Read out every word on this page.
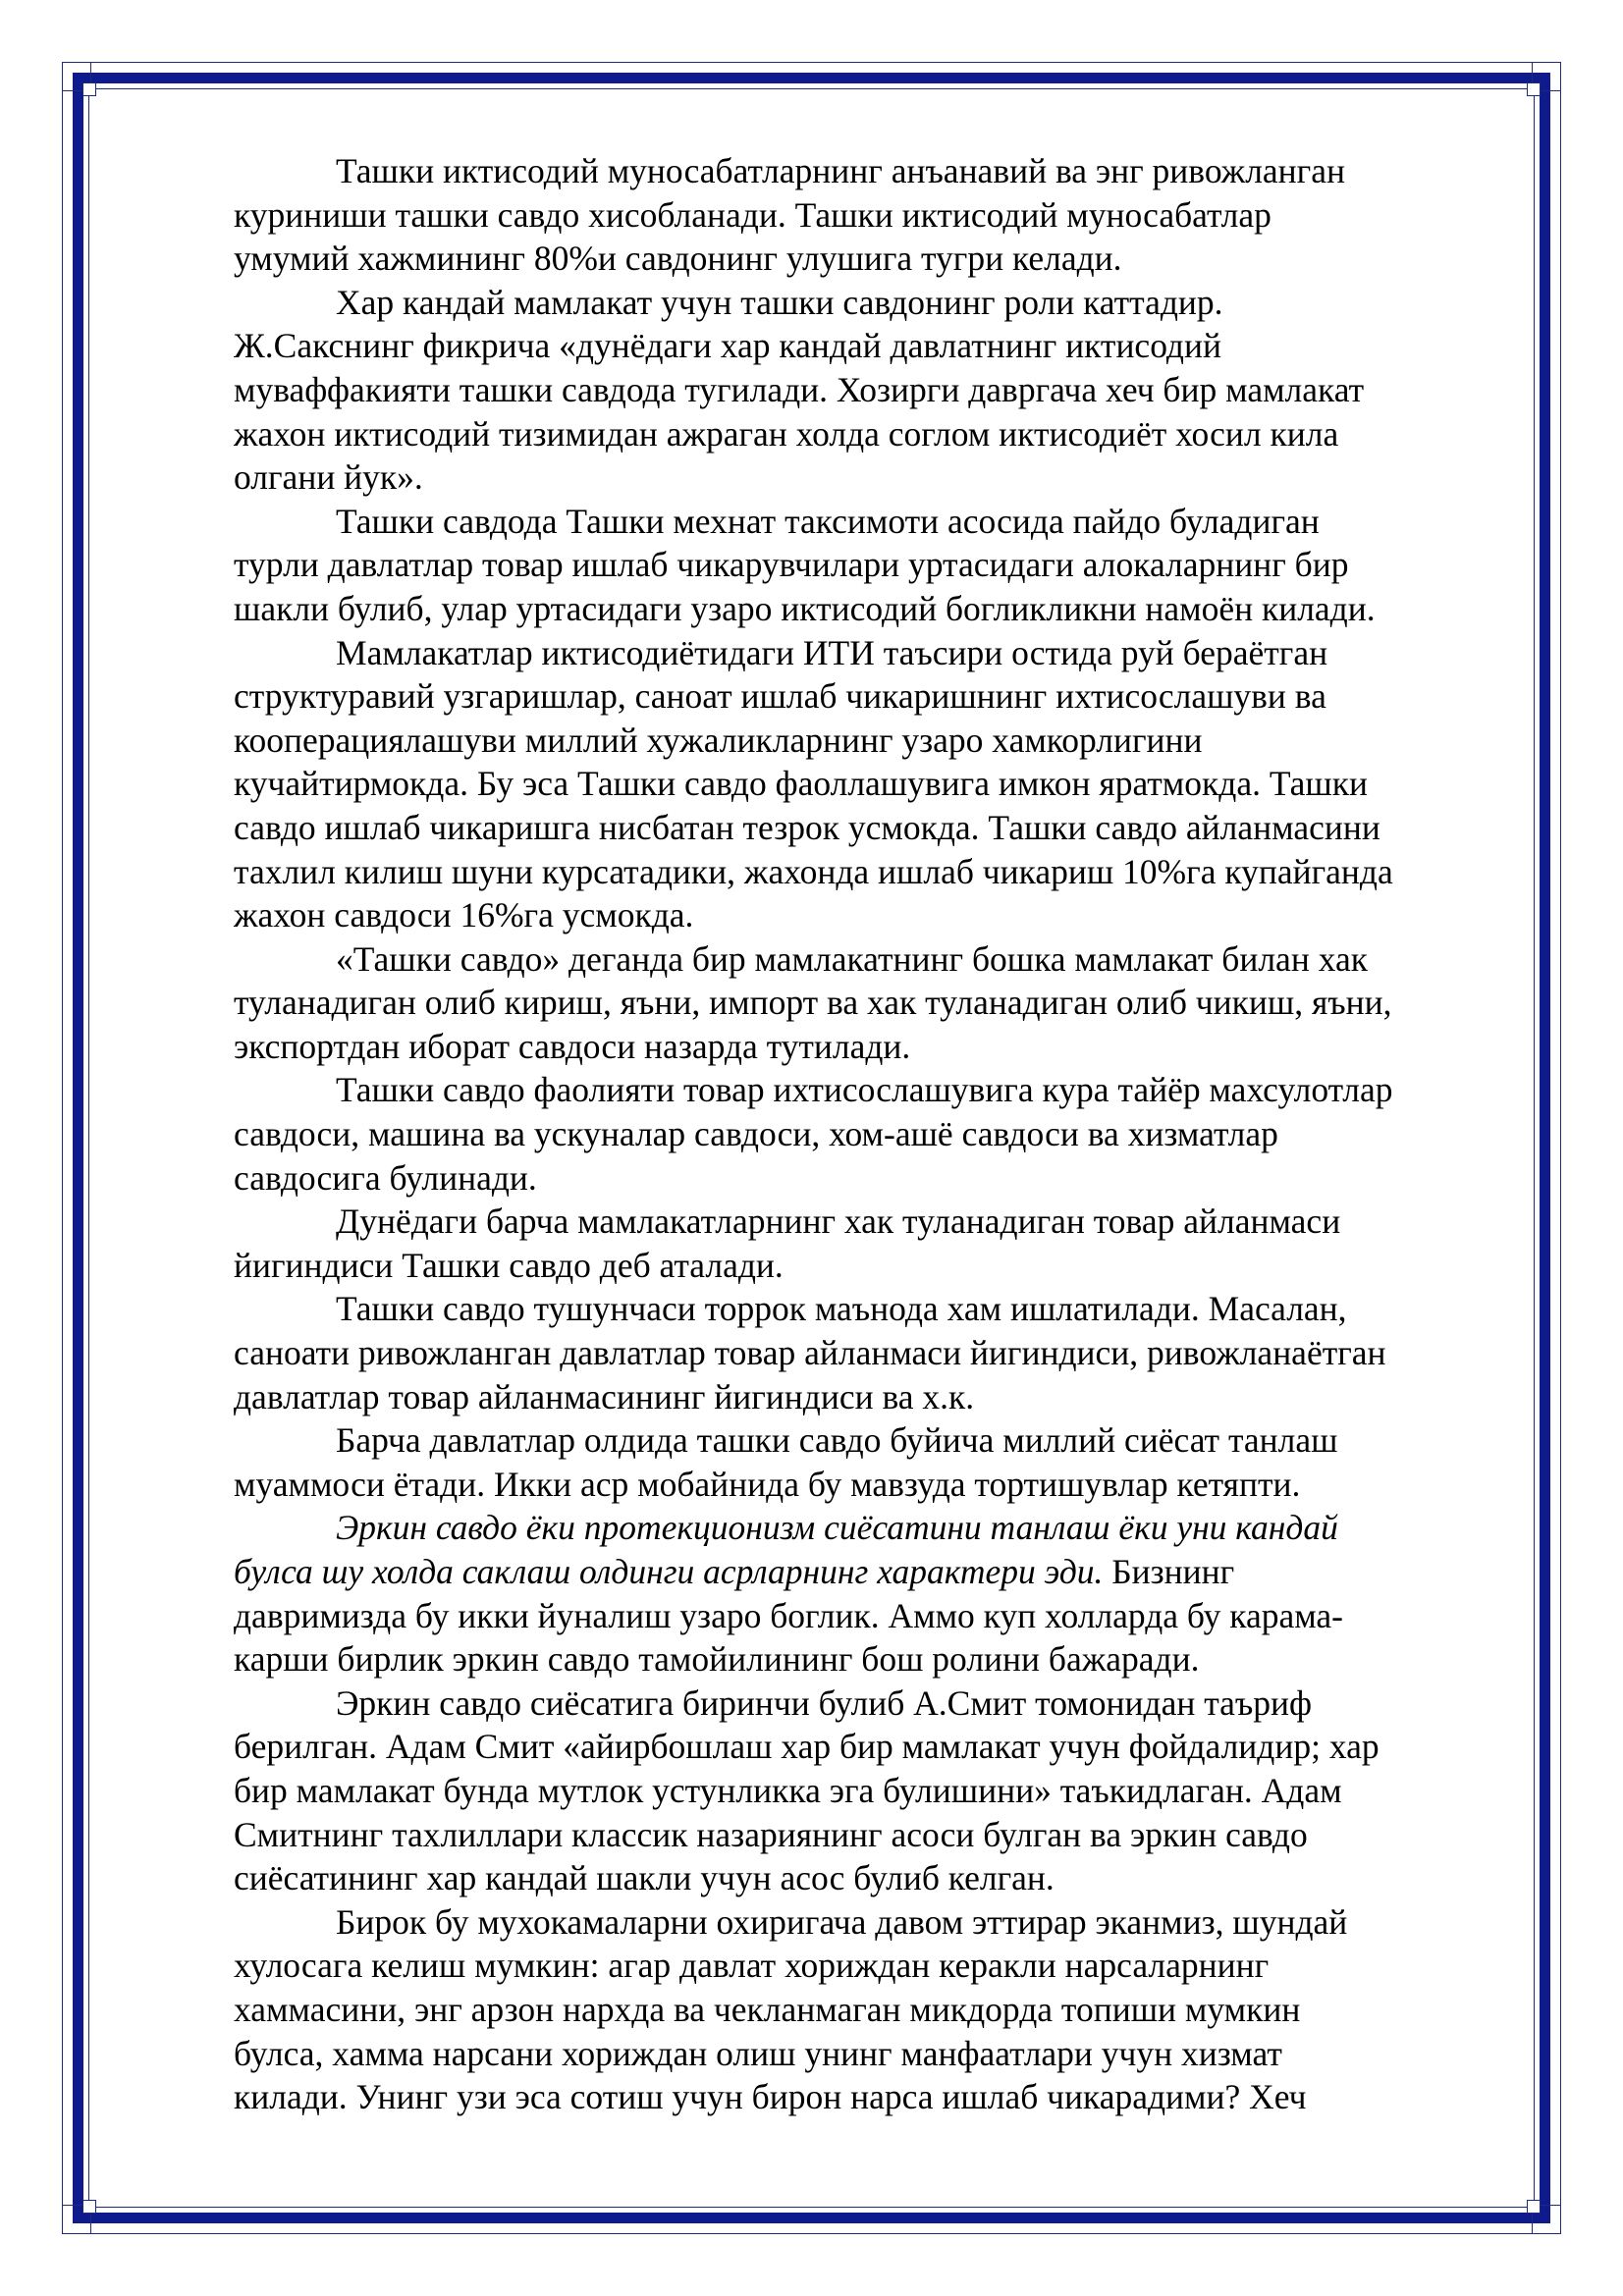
Ташки иктисодий муносабатларнинг анъанавий ва энг ривожланган
куриниши ташки савдо хисобланади. Ташки иктисодий муносабатлар
умумий хажмининг 80%и савдонинг улушига тугри келади.

Хар кандай мамлакат учун ташки савдонинг роли каттадир.
Ж.Сакснинг фикрича «дунёдаги хар кандай давлатнинг иктисодий
муваффакияти ташки савдода тугилади. Хозирги давргача хеч бир мамлакат
жахон иктисодий тизимидан ажраган холда соглом иктисодиёт хосил кила
олгани йук».

Ташки савдода Ташки мехнат таксимоти асосида пайдо буладиган
турли давлатлар товар ишлаб чикарувчилари уртасидаги алокаларнинг бир
шакли булиб, улар уртасидаги узаро иктисодий богликликни намоён килади.

Мамлакатлар иктисодиётидаги ИТИ таъсири остида руй бераётган
структуравий узгаришлар, саноат ишлаб чикаришнинг ихтисослашуви ва
кооперациялашуви миллий хужаликларнинг узаро хамкорлигини
кучайтирмокда. Бу эса Ташки савдо фаоллашувига имкон яратмокда. Ташки
савдо ишлаб чикаришга нисбатан тезрок усмокда. Ташки савдо айланмасини
тахлил килиш шуни курсатадики, жахонда ишлаб чикариш 10%га купайганда
жахон савдоси 16%га усмокда.

«Ташки савдо» деганда бир мамлакатнинг бошка мамлакат билан хак
туланадиган олиб кириш, яъни, импорт ва хак туланадиган олиб чикиш, яъни,
экспортдан иборат савдоси назарда тутилади.

Ташки савдо фаолияти товар ихтисослашувига кура тайёр махсулотлар
савдоси, машина ва ускуналар савдоси, хом-ашё савдоси ва хизматлар
савдосига булинади.

Дунёдаги барча мамлакатларнинг хак туланадиган товар айланмаси
йигиндиси Ташки савдо деб аталади.

Ташки савдо тушунчаси торрок маънода хам ишлатилади. Масалан,
саноати ривожланган давлатлар товар айланмаси йигиндиси, ривожланаётган
давлатлар товар айланмасининг йигиндиси ва х.к.

Барча давлатлар олдида ташки савдо буйича миллий сиёсат танлаш
муаммоси ётади. Икки аср мобайнида бу мавзуда тортишувлар кетяпти.

Эркин савдо ёки протекционизм сиёсатини танлаш ёки уни кандай
булса шу холда саклаш олдинги асрларнинг характери эди. Бизнинг
давримизда бу икки йуналиш узаро боглик. Аммо куп холларда бу карама-
карши бирлик эркин савдо тамойилининг бош ролини бажаради.

Эркин савдо сиёсатига биринчи булиб А.Смит томонидан таъриф
берилган. Адам Смит «айирбошлаш хар бир мамлакат учун фойдалидир; хар
бир мамлакат бунда мутлок устунликка эга булишини» таъкидлаган. Адам
Смитнинг тахлиллари классик назариянинг асоси булган ва эркин савдо
сиёсатининг хар кандай шакли учун асос булиб келган.

Бирок бу мухокамаларни охиригача давом эттирар эканмиз, шундай
хулосага келиш мумкин: агар давлат хориждан керакли нарсаларнинг
хаммасини, энг арзон нархда ва чекланмаган микдорда топиши мумкин
булса, хамма нарсани хориждан олиш унинг манфаатлари учун хизмат
килади. Унинг узи эса сотиш учун бирон нарса ишлаб чикарадими? Хеч
